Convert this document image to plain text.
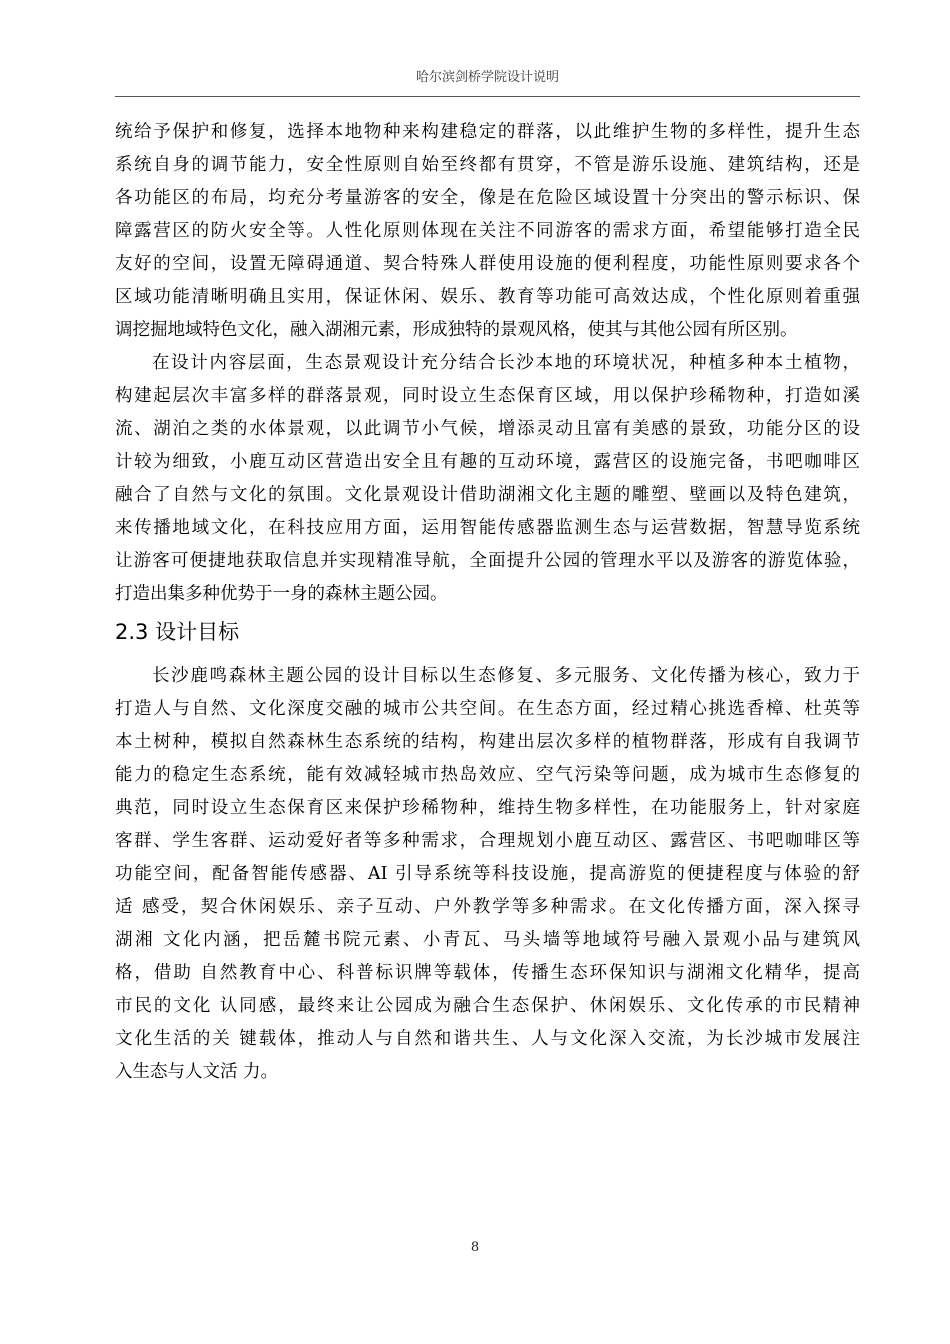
哈尔滨剑桥学院设计说明
统给予保护和修复，选择本地物种来构建稳定的群落，以此维护生物的多样性，提升生态
系统自身的调节能力，安全性原则自始至终都有贯穿，不管是游乐设施、建筑结构，还是
各功能区的布局，均充分考量游客的安全，像是在危险区域设置十分突出的警示标识、保
障露营区的防火安全等。人性化原则体现在关注不同游客的需求方面，希望能够打造全民
友好的空间，设置无障碍通道、契合特殊人群使用设施的便利程度，功能性原则要求各个
区域功能清晰明确且实用，保证休闲、娱乐、教育等功能可高效达成，个性化原则着重强
调挖掘地域特色文化，融入湖湘元素，形成独特的景观风格，使其与其他公园有所区别。
在设计内容层面，生态景观设计充分结合长沙本地的环境状况，种植多种本土植物，
构建起层次丰富多样的群落景观，同时设立生态保育区域，用以保护珍稀物种，打造如溪
流、湖泊之类的水体景观，以此调节小气候，增添灵动且富有美感的景致，功能分区的设
计较为细致，小鹿互动区营造出安全且有趣的互动环境，露营区的设施完备，书吧咖啡区
融合了自然与文化的氛围。文化景观设计借助湖湘文化主题的雕塑、壁画以及特色建筑，
来传播地域文化，在科技应用方面，运用智能传感器监测生态与运营数据，智慧导览系统
让游客可便捷地获取信息并实现精准导航，全面提升公园的管理水平以及游客的游览体验，
打造出集多种优势于一身的森林主题公园。
2.3 设计目标
长沙鹿鸣森林主题公园的设计目标以生态修复、多元服务、文化传播为核心，致力于
打造人与自然、文化深度交融的城市公共空间。在生态方面，经过精心挑选香樟、杜英等
本土树种，模拟自然森林生态系统的结构，构建出层次多样的植物群落，形成有自我调节
能力的稳定生态系统，能有效减轻城市热岛效应、空气污染等问题，成为城市生态修复的
典范，同时设立生态保育区来保护珍稀物种，维持生物多样性，在功能服务上，针对家庭
客群、学生客群、运动爱好者等多种需求，合理规划小鹿互动区、露营区、书吧咖啡区等
功能空间，配备智能传感器、AI 引导系统等科技设施，提高游览的便捷程度与体验的舒
适 感受，契合休闲娱乐、亲子互动、户外教学等多种需求。在文化传播方面，深入探寻
湖湘 文化内涵，把岳麓书院元素、小青瓦、马头墙等地域符号融入景观小品与建筑风
格，借助 自然教育中心、科普标识牌等载体，传播生态环保知识与湖湘文化精华，提高
市民的文化 认同感，最终来让公园成为融合生态保护、休闲娱乐、文化传承的市民精神
文化生活的关 键载体，推动人与自然和谐共生、人与文化深入交流，为长沙城市发展注
入生态与人文活 力。
8
